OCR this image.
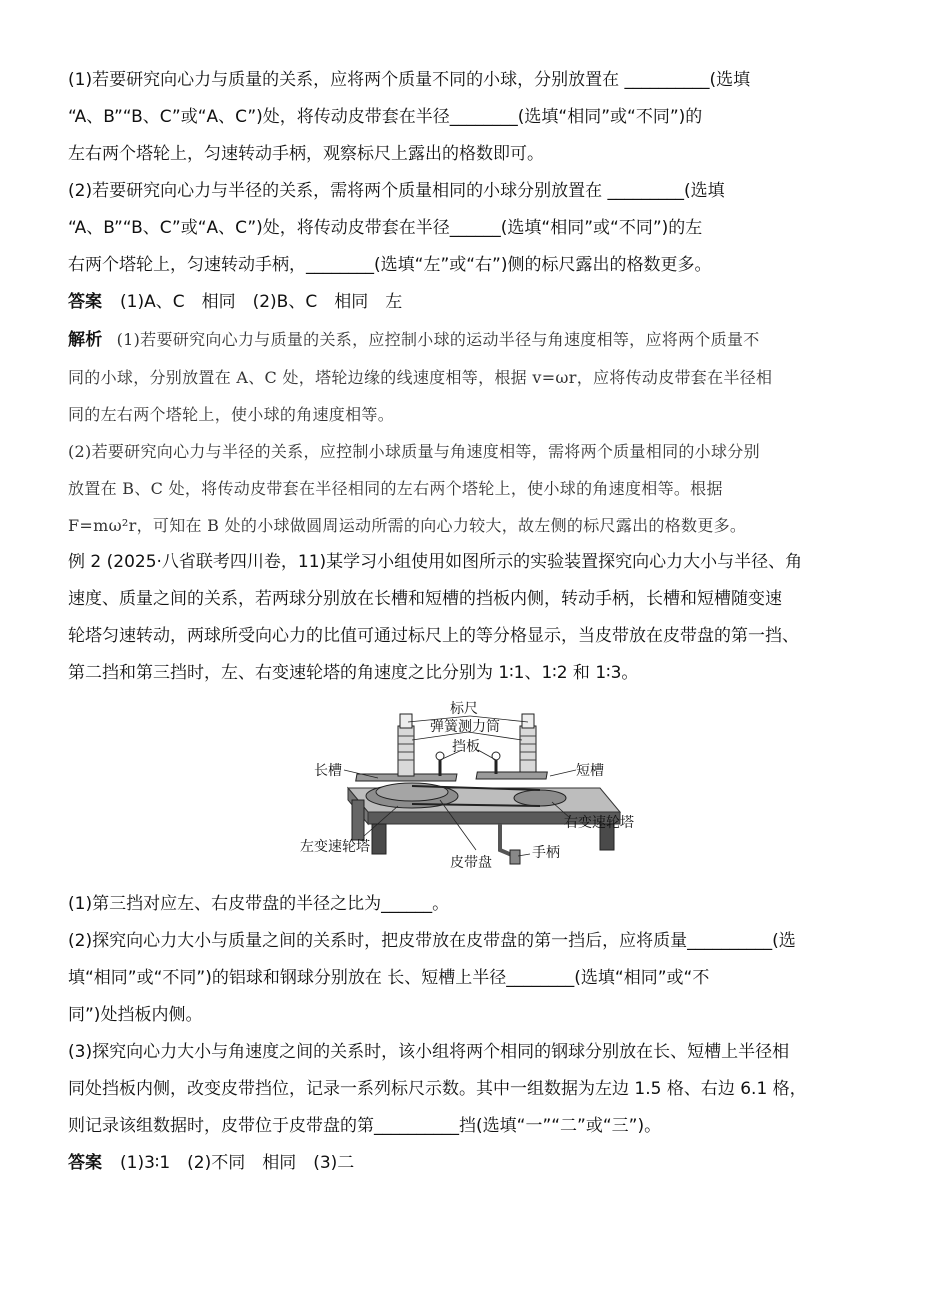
(1)若要研究向心力与质量的关系，应将两个质量不同的小球，分别放置在 __________(选填

“A、B”“B、C”或“A、C”)处，将传动皮带套在半径________(选填“相同”或“不同”)的

左右两个塔轮上，匀速转动手柄，观察标尺上露出的格数即可。

(2)若要研究向心力与半径的关系，需将两个质量相同的小球分别放置在 _________(选填

“A、B”“B、C”或“A、C”)处，将传动皮带套在半径______(选填“相同”或“不同”)的左

右两个塔轮上，匀速转动手柄，________(选填“左”或“右”)侧的标尺露出的格数更多。

答案 (1)A、C　相同　(2)B、C　相同　左

解析 (1)若要研究向心力与质量的关系，应控制小球的运动半径与角速度相等，应将两个质量不

同的小球，分别放置在 A、C 处，塔轮边缘的线速度相等，根据 v=ωr，应将传动皮带套在半径相

同的左右两个塔轮上，使小球的角速度相等。

(2)若要研究向心力与半径的关系，应控制小球质量与角速度相等，需将两个质量相同的小球分别

放置在 B、C 处，将传动皮带套在半径相同的左右两个塔轮上，使小球的角速度相等。根据

F=mω²r，可知在 B 处的小球做圆周运动所需的向心力较大，故左侧的标尺露出的格数更多。

例 2 (2025·八省联考四川卷，11)某学习小组使用如图所示的实验装置探究向心力大小与半径、角

速度、质量之间的关系，若两球分别放在长槽和短槽的挡板内侧，转动手柄，长槽和短槽随变速

轮塔匀速转动，两球所受向心力的比值可通过标尺上的等分格显示，当皮带放在皮带盘的第一挡、

第二挡和第三挡时，左、右变速轮塔的角速度之比分别为 1∶1、1∶2 和 1∶3。

标尺
弹簧测力筒
挡板
长槽	短槽
右变速轮塔
左变速轮塔
皮带盘
手柄

(1)第三挡对应左、右皮带盘的半径之比为______。

(2)探究向心力大小与质量之间的关系时，把皮带放在皮带盘的第一挡后，应将质量__________(选

填“相同”或“不同”)的铝球和钢球分别放在 长、短槽上半径________(选填“相同”或“不

同”)处挡板内侧。

(3)探究向心力大小与角速度之间的关系时，该小组将两个相同的钢球分别放在长、短槽上半径相

同处挡板内侧，改变皮带挡位，记录一系列标尺示数。其中一组数据为左边 1.5 格、右边 6.1 格，

则记录该组数据时，皮带位于皮带盘的第__________挡(选填“一”“二”或“三”)。

答案 (1)3∶1　(2)不同　相同　(3)二
